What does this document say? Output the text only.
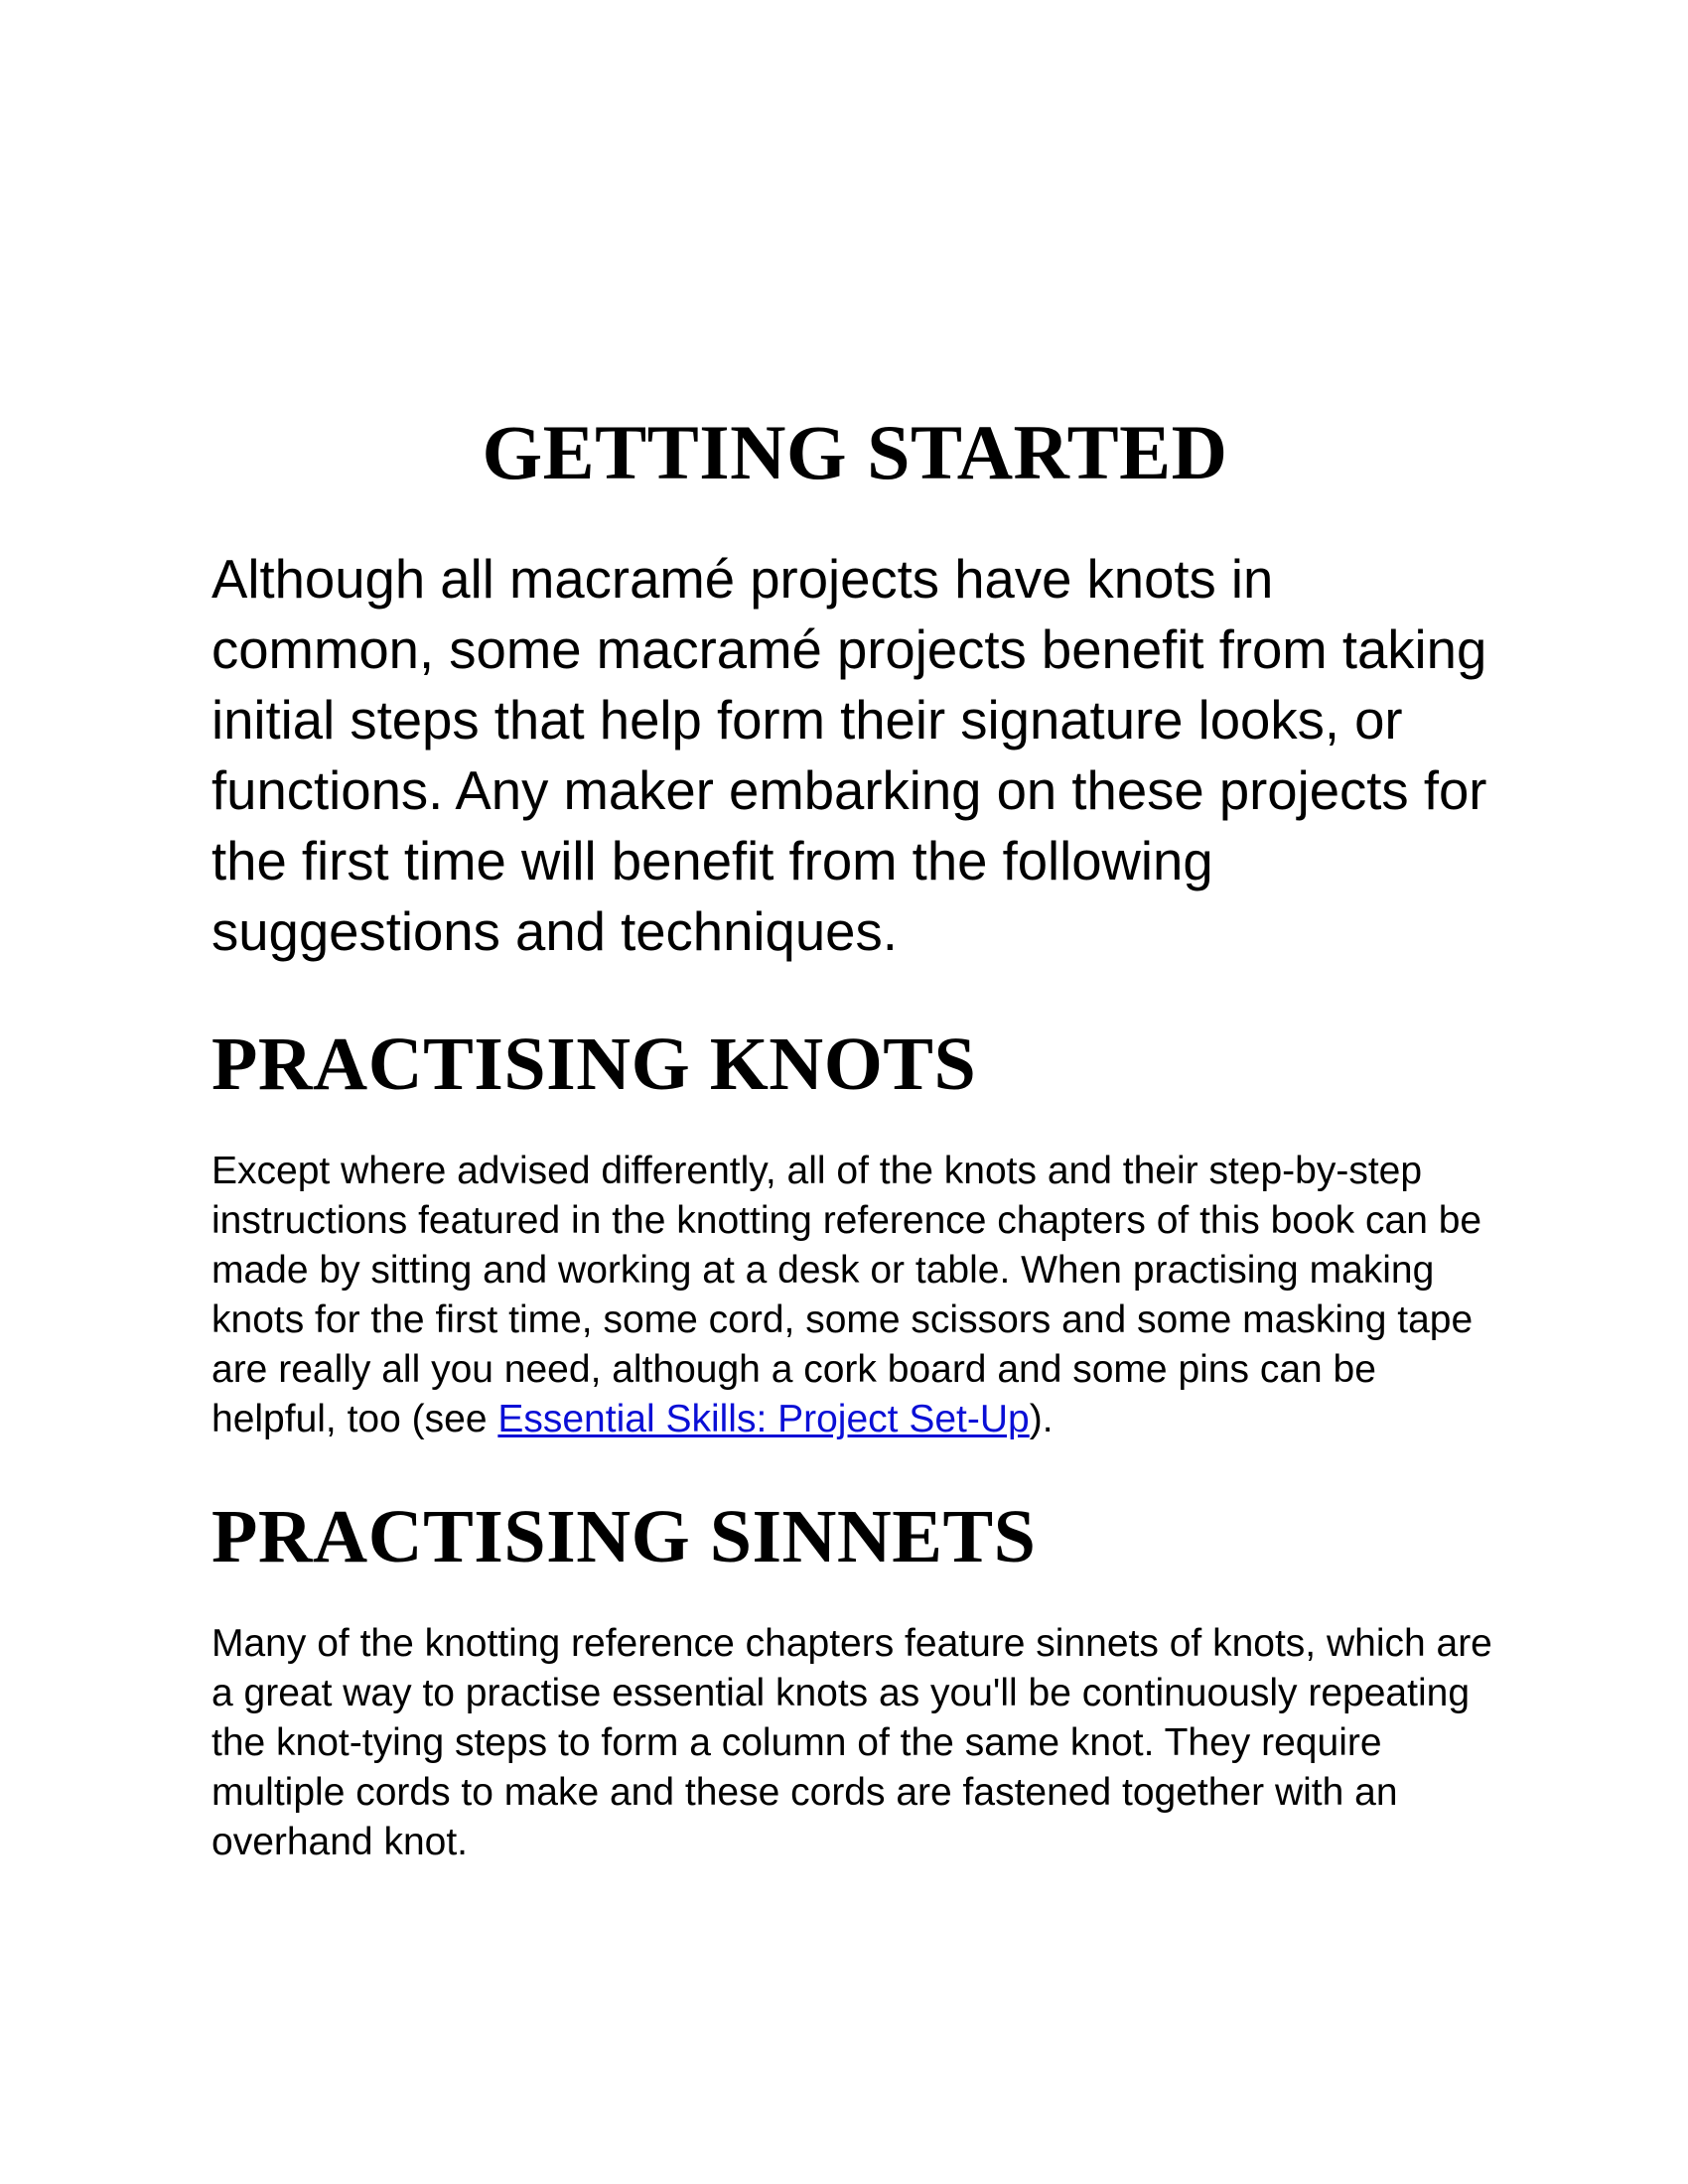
GETTING STARTED

Although all macramé projects have knots in common, some macramé projects benefit from taking initial steps that help form their signature looks, or functions. Any maker embarking on these projects for the first time will benefit from the following suggestions and techniques.

PRACTISING KNOTS

Except where advised differently, all of the knots and their step-by-step instructions featured in the knotting reference chapters of this book can be made by sitting and working at a desk or table. When practising making knots for the first time, some cord, some scissors and some masking tape are really all you need, although a cork board and some pins can be helpful, too (see Essential Skills: Project Set-Up).

PRACTISING SINNETS

Many of the knotting reference chapters feature sinnets of knots, which are a great way to practise essential knots as you'll be continuously repeating the knot-tying steps to form a column of the same knot. They require multiple cords to make and these cords are fastened together with an overhand knot.
